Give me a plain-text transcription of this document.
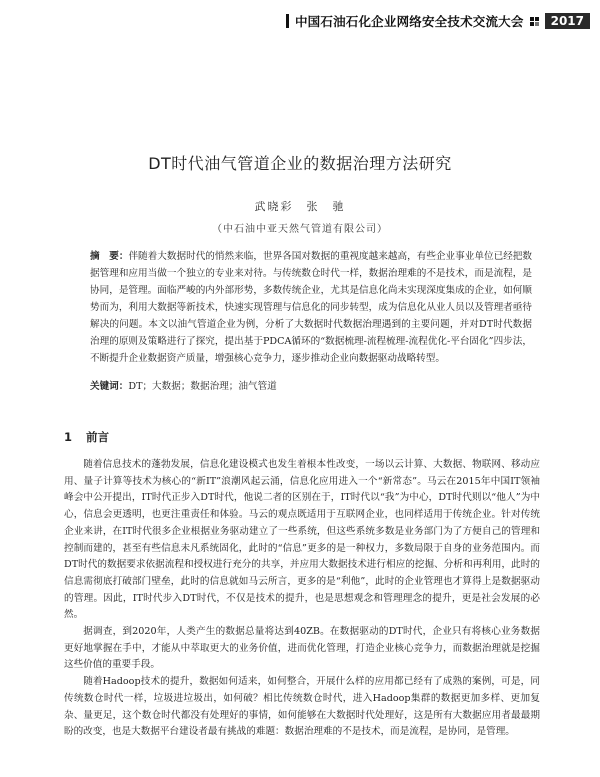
中国石油石化企业网络安全技术交流大会	2017
DT时代油气管道企业的数据治理方法研究
武晓彩　张　驰
（中石油中亚天然气管道有限公司）
摘　要：伴随着大数据时代的悄然来临，世界各国对数据的重视度越来越高，有些企业事业单位已经把数据管理和应用当做一个独立的专业来对待。与传统数仓时代一样，数据治理难的不是技术，而是流程，是协同，是管理。面临严峻的内外部形势，多数传统企业，尤其是信息化尚未实现深度集成的企业，如何顺势而为，利用大数据等新技术，快速实现管理与信息化的同步转型，成为信息化从业人员以及管理者亟待解决的问题。本文以油气管道企业为例，分析了大数据时代数据治理遇到的主要问题，并对DT时代数据治理的原则及策略进行了探究，提出基于PDCA循环的“数据梳理-流程梳理-流程优化-平台固化”四步法，不断提升企业数据资产质量，增强核心竞争力，逐步推动企业向数据驱动战略转型。
关键词：DT；大数据；数据治理；油气管道
1 前言

随着信息技术的蓬勃发展，信息化建设模式也发生着根本性改变，一场以云计算、大数据、物联网、移动应用、量子计算等技术为核心的“新IT”浪潮风起云涌，信息化应用进入一个“新常态”。马云在2015年中国IT领袖峰会中公开提出，IT时代正步入DT时代，他说二者的区别在于，IT时代以“我”为中心，DT时代则以“他人”为中心，信息会更透明，也更注重责任和体验。马云的观点既适用于互联网企业，也同样适用于传统企业。针对传统企业来讲，在IT时代很多企业根据业务驱动建立了一些系统，但这些系统多数是业务部门为了方便自己的管理和控制而建的，甚至有些信息未凡系统固化，此时的“信息”更多的是一种权力，多数局限于自身的业务范围内。而DT时代的数据要求依据流程和授权进行充分的共享，并应用大数据技术进行相应的挖掘、分析和再利用，此时的信息需彻底打破部门壁垒，此时的信息就如马云所言，更多的是“利他”，此时的企业管理也才算得上是数据驱动的管理。因此，IT时代步入DT时代，不仅是技术的提升，也是思想观念和管理理念的提升，更是社会发展的必然。

据调查，到2020年，人类产生的数据总量将达到40ZB。在数据驱动的DT时代，企业只有将核心业务数据更好地掌握在手中，才能从中萃取更大的业务价值，进而优化管理，打造企业核心竞争力，而数据治理就是挖掘这些价值的重要手段。

随着Hadoop技术的提升，数据如何适来，如何整合，开展什么样的应用都已经有了成熟的案例，可是，同传统数仓时代一样，垃圾进垃圾出，如何破？相比传统数仓时代，进入Hadoop集群的数据更加多样、更加复杂、量更足，这个数仓时代都没有处理好的事情，如何能够在大数据时代处理好，这是所有大数据应用者最最期盼的改变，也是大数据平台建设者最有挑战的难题：数据治理难的不是技术，而是流程，是协同，是管理。
